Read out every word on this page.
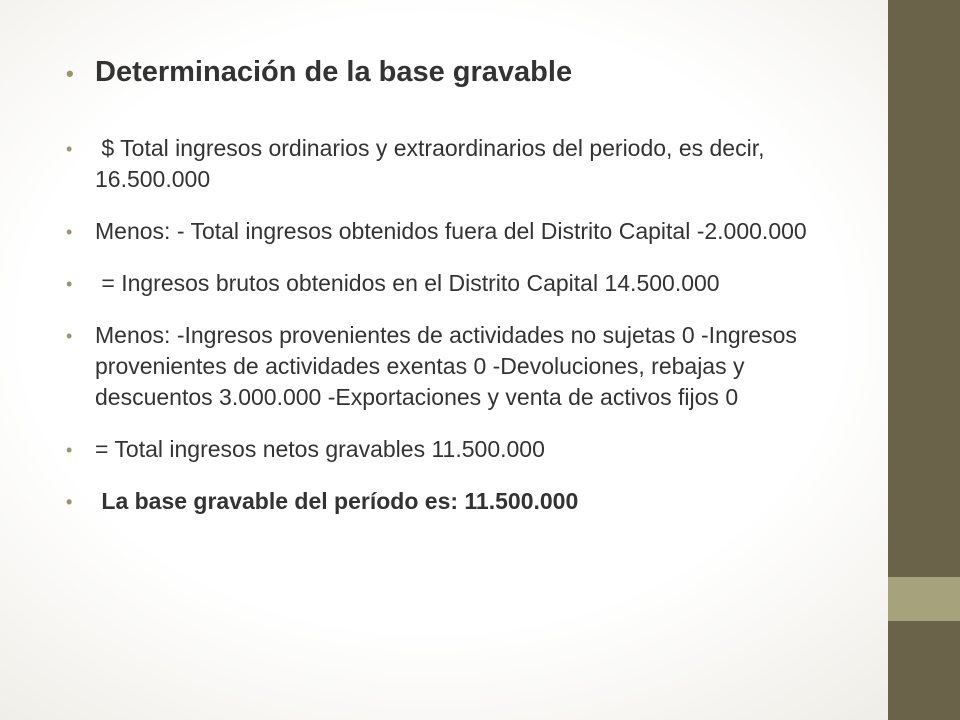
• Determinación de la base gravable
• $ Total ingresos ordinarios y extraordinarios del periodo, es decir, 16.500.000
• Menos: - Total ingresos obtenidos fuera del Distrito Capital -2.000.000
• = Ingresos brutos obtenidos en el Distrito Capital 14.500.000
• Menos: -Ingresos provenientes de actividades no sujetas 0 -Ingresos provenientes de actividades exentas 0 -Devoluciones, rebajas y descuentos 3.000.000 -Exportaciones y venta de activos fijos 0
• = Total ingresos netos gravables 11.500.000
• La base gravable del período es: 11.500.000
